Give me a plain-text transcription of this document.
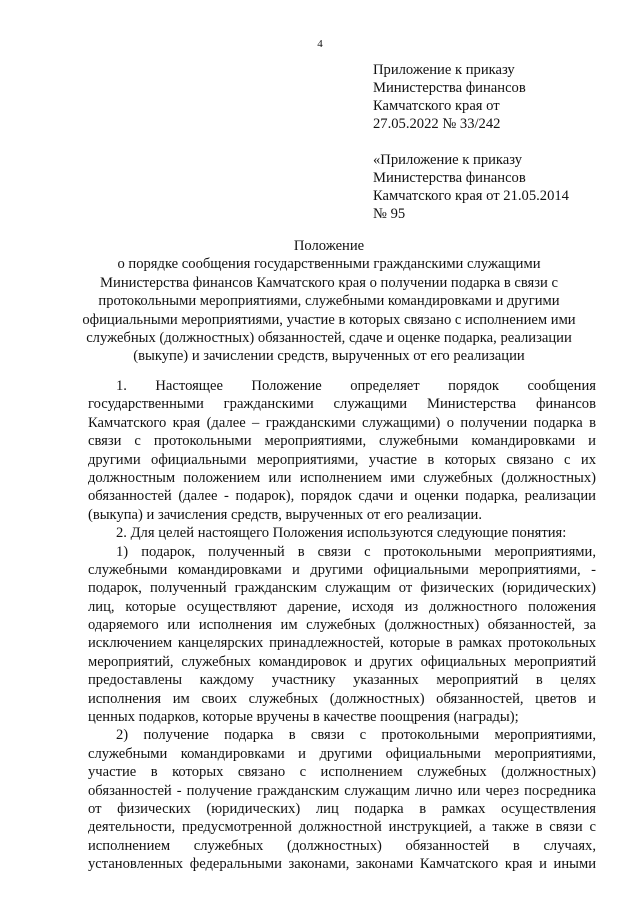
4
Приложение к приказу
Министерства финансов
Камчатского края от
27.05.2022 № 33/242
«Приложение к приказу
Министерства финансов
Камчатского края от 21.05.2014
№ 95
Положение
о порядке сообщения государственными гражданскими служащими
Министерства финансов Камчатского края о получении подарка в связи с
протокольными мероприятиями, служебными командировками и другими
официальными мероприятиями, участие в которых связано с исполнением ими
служебных (должностных) обязанностей, сдаче и оценке подарка, реализации
(выкупе) и зачислении средств, вырученных от его реализации
1. Настоящее Положение определяет порядок сообщения
государственными гражданскими служащими Министерства финансов
Камчатского края (далее – гражданскими служащими) о получении подарка в
связи с протокольными мероприятиями, служебными командировками и
другими официальными мероприятиями, участие в которых связано с их
должностным положением или исполнением ими служебных (должностных)
обязанностей (далее - подарок), порядок сдачи и оценки подарка, реализации
(выкупа) и зачисления средств, вырученных от его реализации.
2. Для целей настоящего Положения используются следующие понятия:
1) подарок, полученный в связи с протокольными мероприятиями,
служебными командировками и другими официальными мероприятиями, -
подарок, полученный гражданским служащим от физических (юридических)
лиц, которые осуществляют дарение, исходя из должностного положения
одаряемого или исполнения им служебных (должностных) обязанностей, за
исключением канцелярских принадлежностей, которые в рамках протокольных
мероприятий, служебных командировок и других официальных мероприятий
предоставлены каждому участнику указанных мероприятий в целях
исполнения им своих служебных (должностных) обязанностей, цветов и
ценных подарков, которые вручены в качестве поощрения (награды);
2) получение подарка в связи с протокольными мероприятиями,
служебными командировками и другими официальными мероприятиями,
участие в которых связано с исполнением служебных (должностных)
обязанностей - получение гражданским служащим лично или через посредника
от физических (юридических) лиц подарка в рамках осуществления
деятельности, предусмотренной должностной инструкцией, а также в связи с
исполнением служебных (должностных) обязанностей в случаях,
установленных федеральными законами, законами Камчатского края и иными
